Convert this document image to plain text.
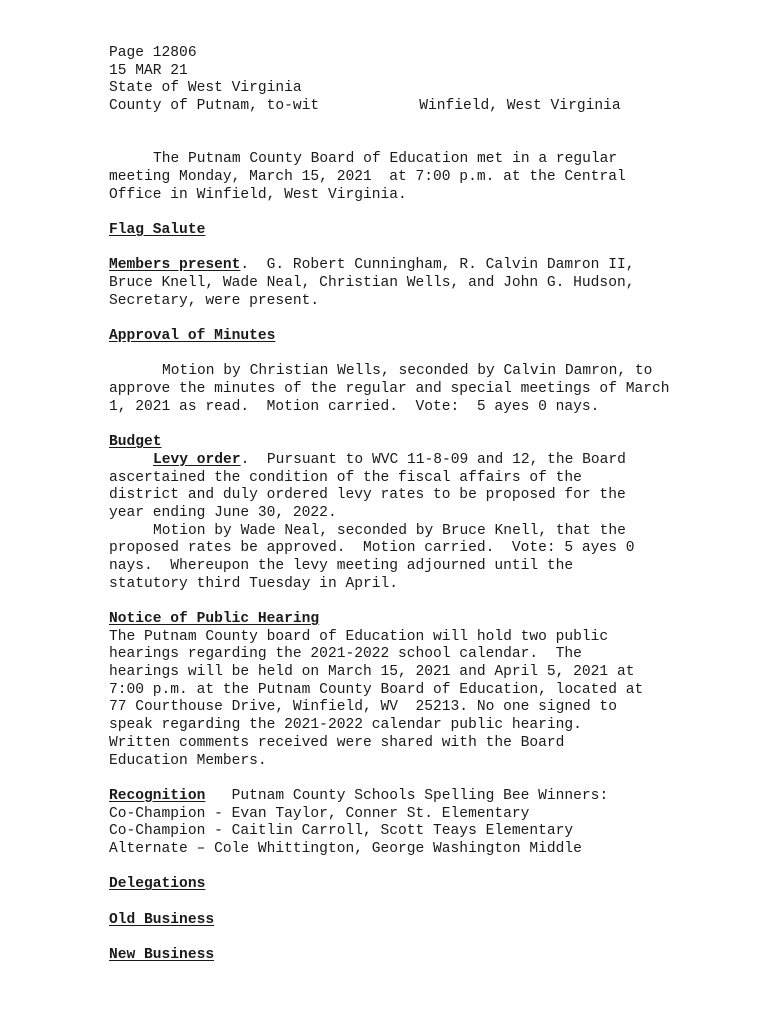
Page 12806
15 MAR 21
State of West Virginia
County of Putnam, to-wit	Winfield, West Virginia
The Putnam County Board of Education met in a regular
meeting Monday, March 15, 2021  at 7:00 p.m. at the Central
Office in Winfield, West Virginia.
Flag Salute
Members present.  G. Robert Cunningham, R. Calvin Damron II,
Bruce Knell, Wade Neal, Christian Wells, and John G. Hudson,
Secretary, were present.
Approval of Minutes
Motion by Christian Wells, seconded by Calvin Damron, to
approve the minutes of the regular and special meetings of March
1, 2021 as read.  Motion carried.  Vote:  5 ayes 0 nays.
Budget
Levy order.  Pursuant to WVC 11-8-09 and 12, the Board
ascertained the condition of the fiscal affairs of the
district and duly ordered levy rates to be proposed for the
year ending June 30, 2022.
Motion by Wade Neal, seconded by Bruce Knell, that the
proposed rates be approved.  Motion carried.  Vote: 5 ayes 0
nays.  Whereupon the levy meeting adjourned until the
statutory third Tuesday in April.
Notice of Public Hearing
The Putnam County board of Education will hold two public
hearings regarding the 2021-2022 school calendar.  The
hearings will be held on March 15, 2021 and April 5, 2021 at
7:00 p.m. at the Putnam County Board of Education, located at
77 Courthouse Drive, Winfield, WV  25213. No one signed to
speak regarding the 2021-2022 calendar public hearing.
Written comments received were shared with the Board
Education Members.
Recognition   Putnam County Schools Spelling Bee Winners:
Co-Champion - Evan Taylor, Conner St. Elementary
Co-Champion - Caitlin Carroll, Scott Teays Elementary
Alternate – Cole Whittington, George Washington Middle
Delegations
Old Business
New Business
